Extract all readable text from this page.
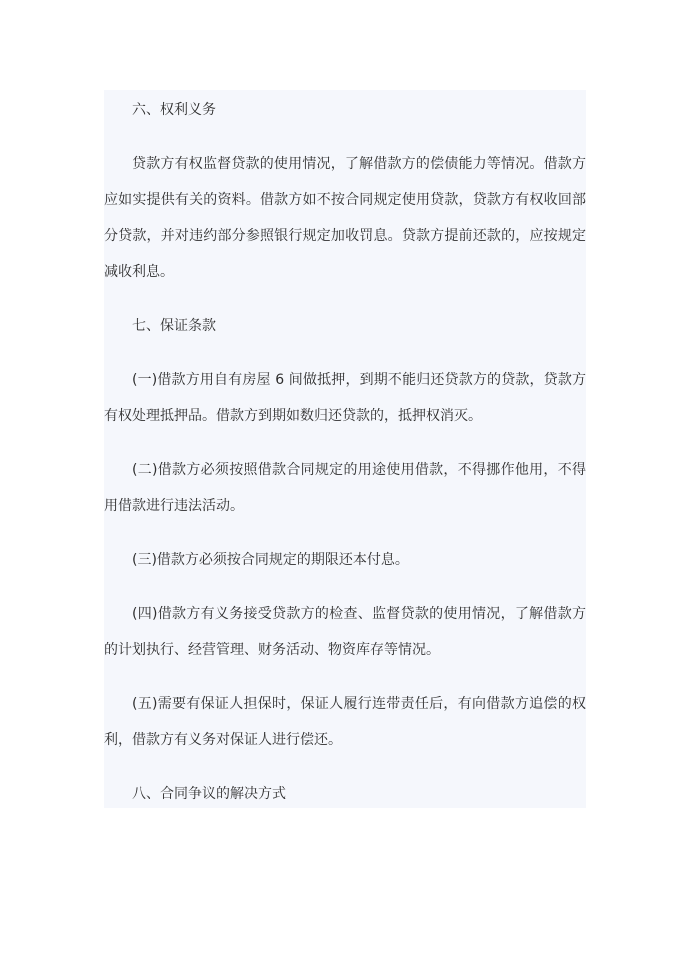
六、权利义务
贷款方有权监督贷款的使用情况，了解借款方的偿债能力等情况。借款方
应如实提供有关的资料。借款方如不按合同规定使用贷款，贷款方有权收回部
分贷款，并对违约部分参照银行规定加收罚息。贷款方提前还款的，应按规定
减收利息。
七、保证条款
(一)借款方用自有房屋 6 间做抵押，到期不能归还贷款方的贷款，贷款方
有权处理抵押品。借款方到期如数归还贷款的，抵押权消灭。
(二)借款方必须按照借款合同规定的用途使用借款，不得挪作他用，不得
用借款进行违法活动。
(三)借款方必须按合同规定的期限还本付息。
(四)借款方有义务接受贷款方的检查、监督贷款的使用情况，了解借款方
的计划执行、经营管理、财务活动、物资库存等情况。
(五)需要有保证人担保时，保证人履行连带责任后，有向借款方追偿的权
利，借款方有义务对保证人进行偿还。
八、合同争议的解决方式
